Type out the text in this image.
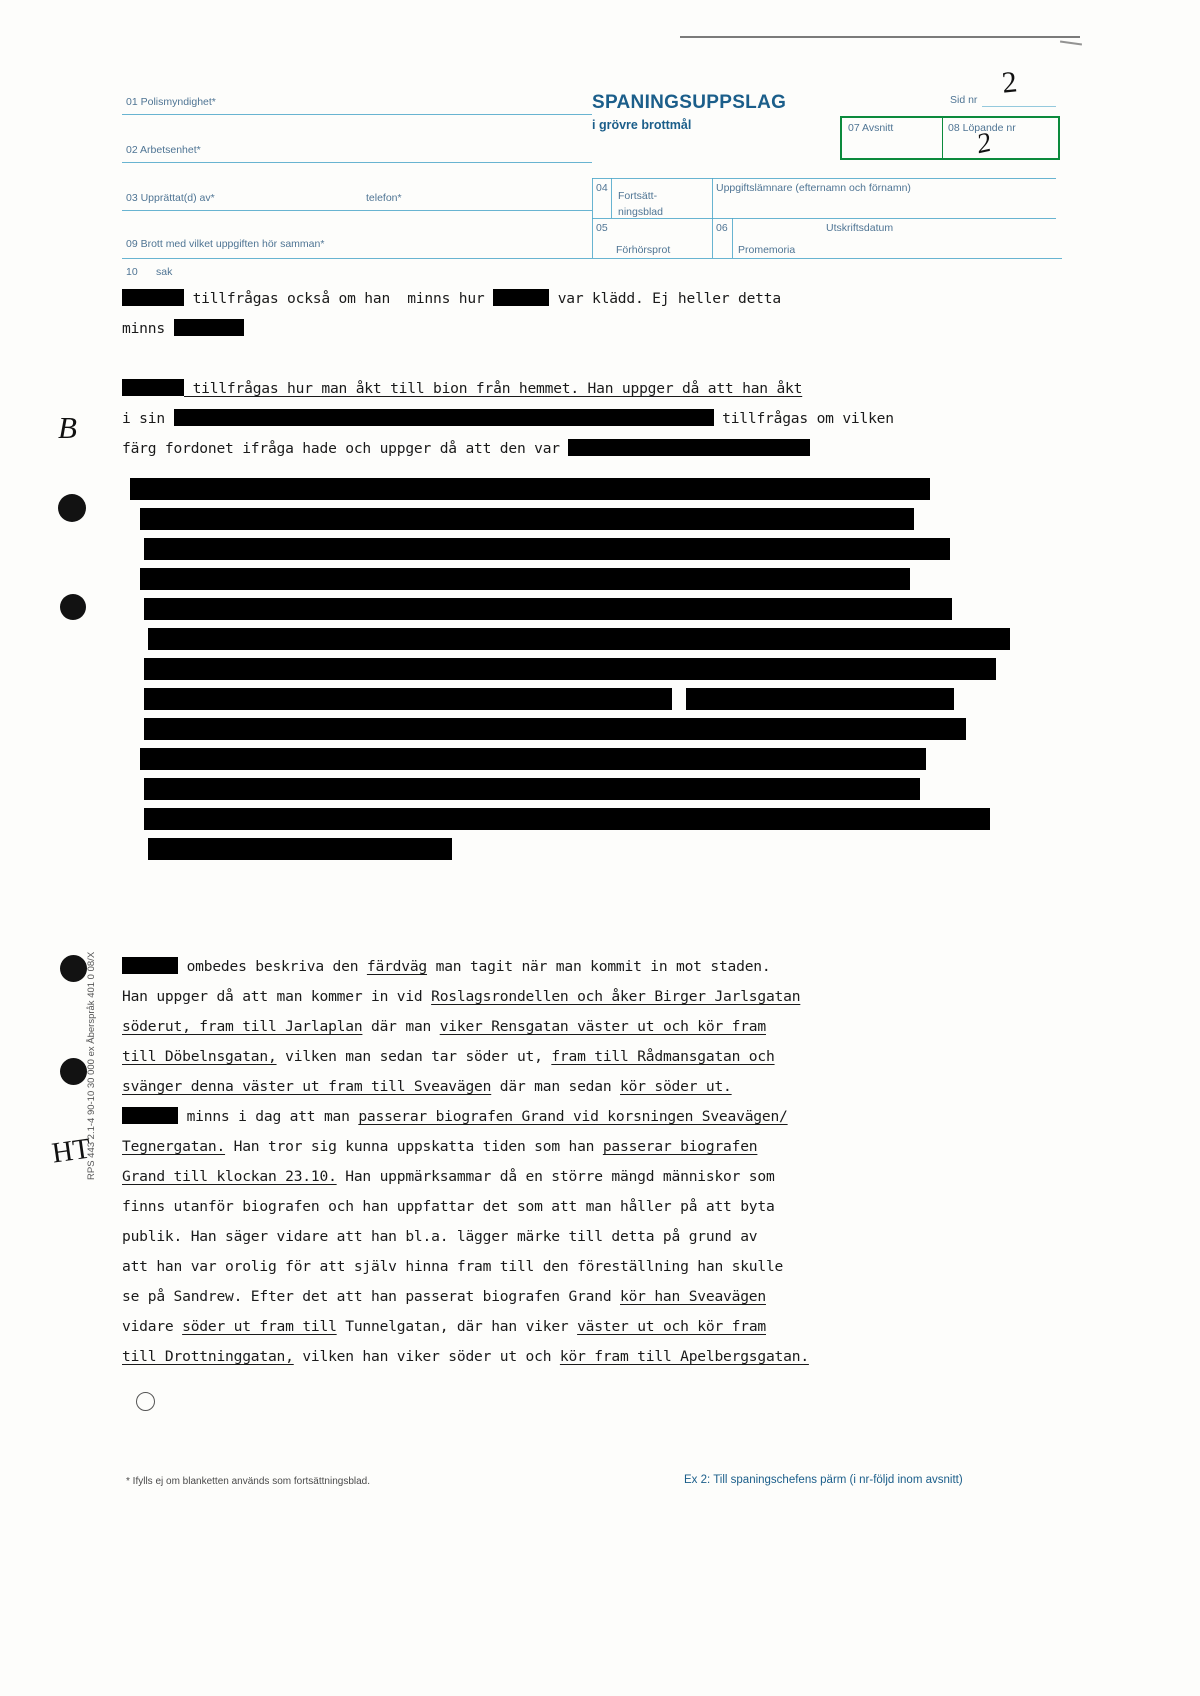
SPANINGSUPPSLAG
i grövre brottmål
Sid nr
2
2
01 Polismyndighet*
02 Arbetsenhet*
03 Upprättat(d) av*	telefon*
09 Brott med vilket uppgiften hör samman*
10 sak
04
Fortsätt-
ningsblad
Uppgiftslämnare (efternamn och förnamn)
05
Förhörsprot
06
Promemoria
Utskriftsdatum
07 Avsnitt	08 Löpande nr
B
HT
RPS 443 2.1-4 90-10 30 000 ex Åberspråk 401 0 08/X
tillfrågas också om han  minns hur	var klädd. Ej heller detta
minns
tillfrågas hur man åkt till bion från hemmet. Han uppger då att han åkt
i sin	tillfrågas om vilken
färg fordonet ifråga hade och uppger då att den var
ombedes beskriva den färdväg man tagit när man kommit in mot staden.
Han uppger då att man kommer in vid Roslagsrondellen och åker Birger Jarlsgatan
söderut, fram till Jarlaplan där man viker Rensgatan väster ut och kör fram
till Döbelnsgatan, vilken man sedan tar söder ut, fram till Rådmansgatan och
svänger denna väster ut fram till Sveavägen där man sedan kör söder ut.
minns i dag att man passerar biografen Grand vid korsningen Sveavägen/
Tegnergatan. Han tror sig kunna uppskatta tiden som han passerar biografen
Grand till klockan 23.10. Han uppmärksammar då en större mängd människor som
finns utanför biografen och han uppfattar det som att man håller på att byta
publik. Han säger vidare att han bl.a. lägger märke till detta på grund av
att han var orolig för att själv hinna fram till den föreställning han skulle
se på Sandrew. Efter det att han passerat biografen Grand kör han Sveavägen
vidare söder ut fram till Tunnelgatan, där han viker väster ut och kör fram
till Drottninggatan, vilken han viker söder ut och kör fram till Apelbergsgatan.
* Ifylls ej om blanketten används som fortsättningsblad.	Ex 2: Till spaningschefens pärm (i nr-följd inom avsnitt)
